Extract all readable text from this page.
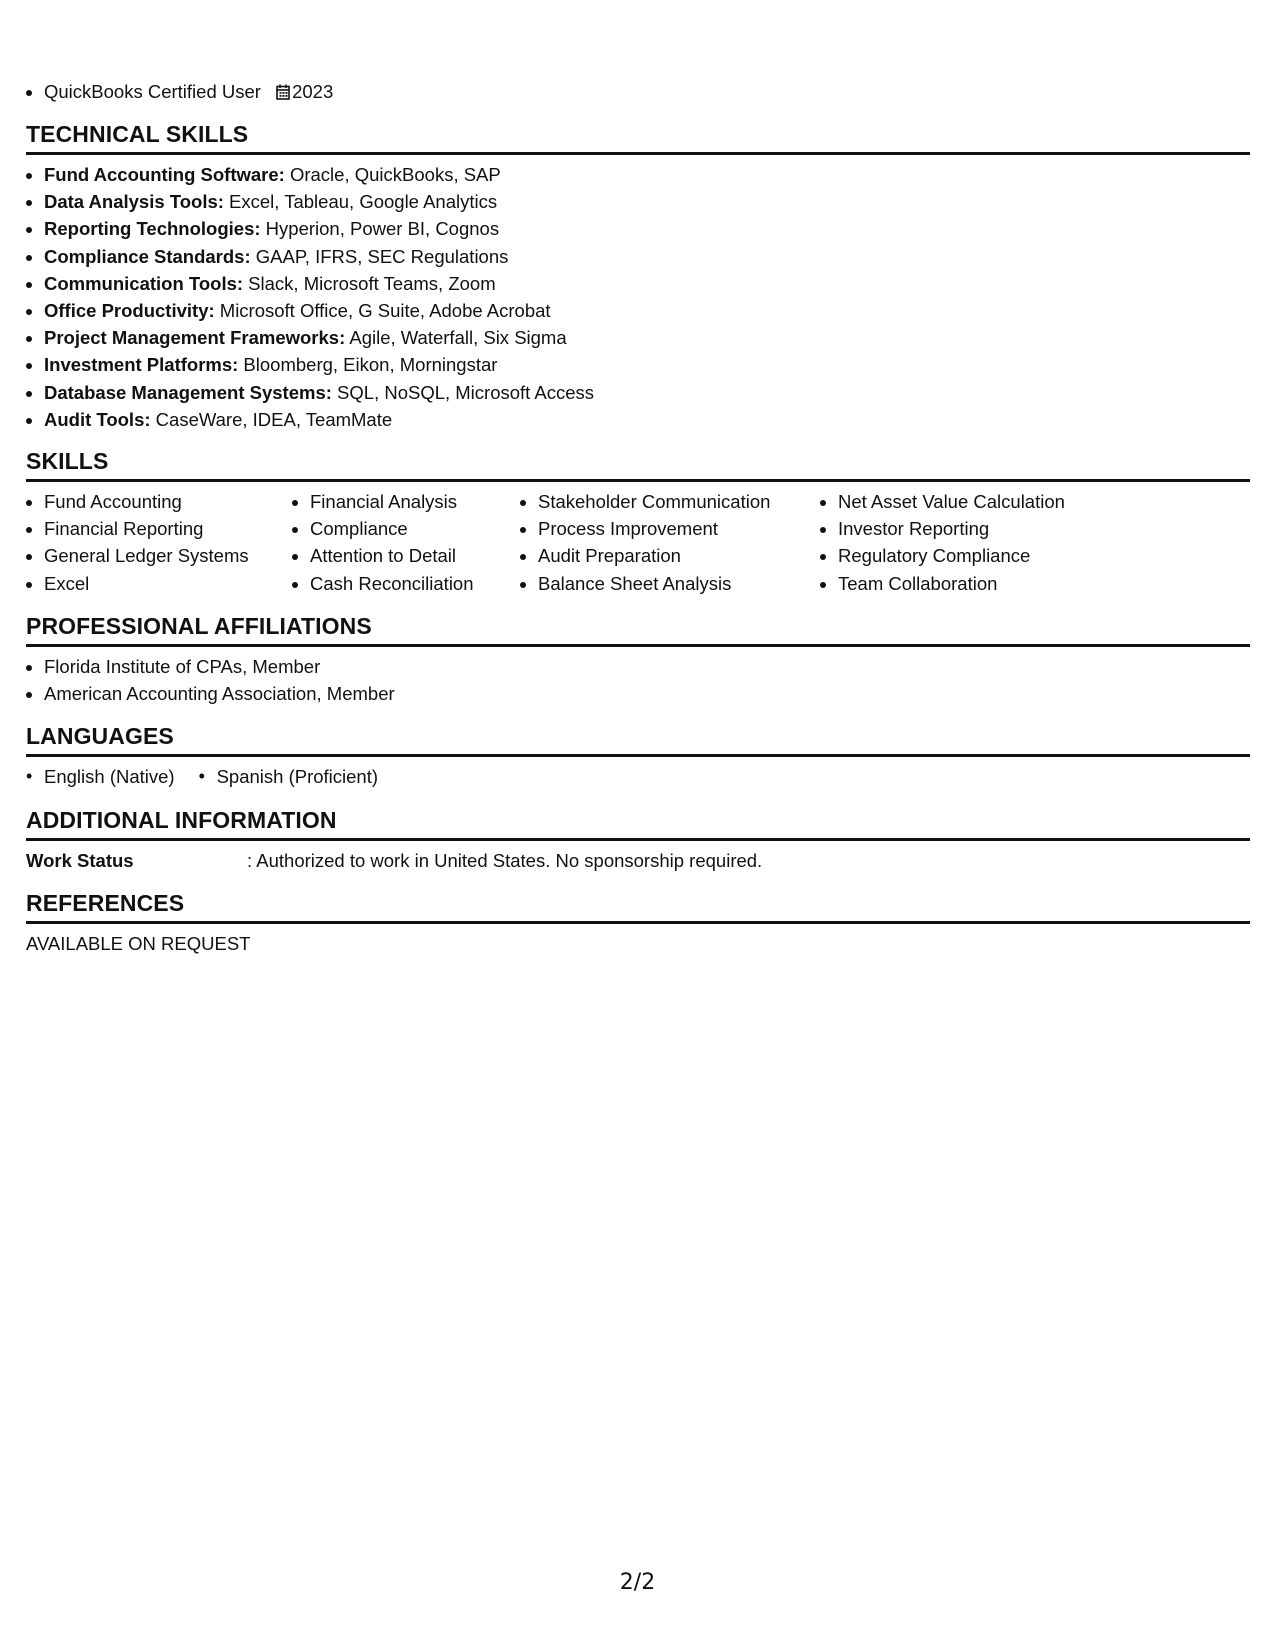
• QuickBooks Certified User 2023
TECHNICAL SKILLS
• Fund Accounting Software: Oracle, QuickBooks, SAP
• Data Analysis Tools: Excel, Tableau, Google Analytics
• Reporting Technologies: Hyperion, Power BI, Cognos
• Compliance Standards: GAAP, IFRS, SEC Regulations
• Communication Tools: Slack, Microsoft Teams, Zoom
• Office Productivity: Microsoft Office, G Suite, Adobe Acrobat
• Project Management Frameworks: Agile, Waterfall, Six Sigma
• Investment Platforms: Bloomberg, Eikon, Morningstar
• Database Management Systems: SQL, NoSQL, Microsoft Access
• Audit Tools: CaseWare, IDEA, TeamMate
SKILLS
• Fund Accounting
• Financial Reporting
• General Ledger Systems
• Excel
• Financial Analysis
• Compliance
• Attention to Detail
• Cash Reconciliation
• Stakeholder Communication
• Process Improvement
• Audit Preparation
• Balance Sheet Analysis
• Net Asset Value Calculation
• Investor Reporting
• Regulatory Compliance
• Team Collaboration
PROFESSIONAL AFFILIATIONS
• Florida Institute of CPAs, Member
• American Accounting Association, Member
LANGUAGES
• English (Native)
•	Spanish (Proficient)
ADDITIONAL INFORMATION
Work Status	: Authorized to work in United States. No sponsorship required.
REFERENCES
AVAILABLE ON REQUEST
2/2
